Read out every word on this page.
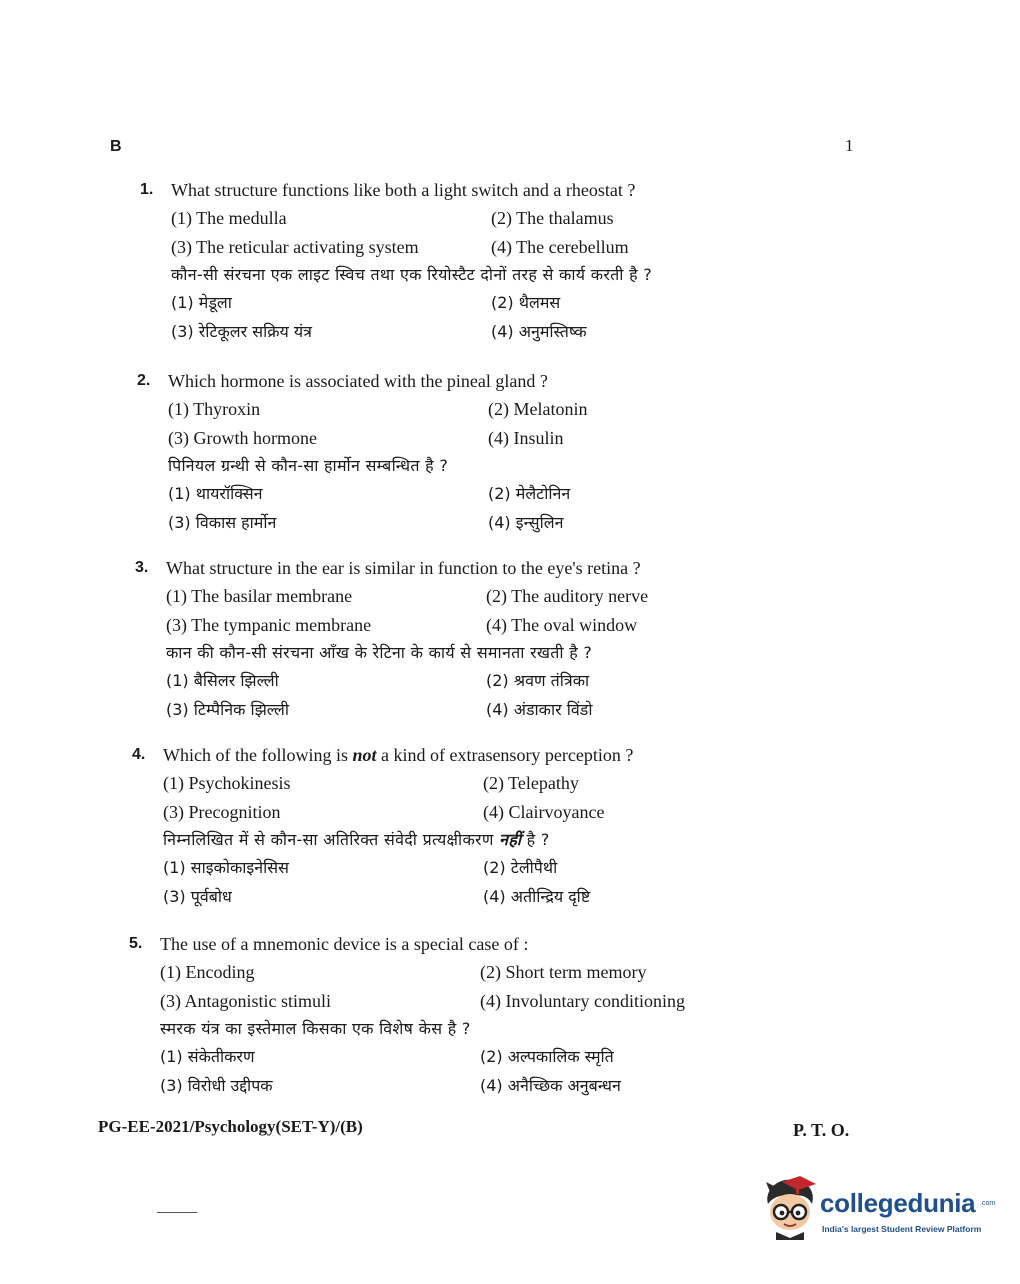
B	1
1. What structure functions like both a light switch and a rheostat ?
(1) The medulla	(2) The thalamus
(3) The reticular activating system	(4) The cerebellum
कौन-सी संरचना एक लाइट स्विच तथा एक रियोस्टैट दोनों तरह से कार्य करती है ?
(1) मेडूला	(2) थैलमस
(3) रेटिकूलर सक्रिय यंत्र	(4) अनुमस्तिष्क
2. Which hormone is associated with the pineal gland ?
(1) Thyroxin	(2) Melatonin
(3) Growth hormone	(4) Insulin
पिनियल ग्रन्थी से कौन-सा हार्मोन सम्बन्धित है ?
(1) थायरॉक्सिन	(2) मेलैटोनिन
(3) विकास हार्मोन	(4) इन्सुलिन
3. What structure in the ear is similar in function to the eye's retina ?
(1) The basilar membrane	(2) The auditory nerve
(3) The tympanic membrane	(4) The oval window
कान की कौन-सी संरचना आँख के रेटिना के कार्य से समानता रखती है ?
(1) बैसिलर झिल्ली	(2) श्रवण तंत्रिका
(3) टिम्पैनिक झिल्ली	(4) अंडाकार विंडो
4. Which of the following is not a kind of extrasensory perception ?
(1) Psychokinesis	(2) Telepathy
(3) Precognition	(4) Clairvoyance
निम्नलिखित में से कौन-सा अतिरिक्त संवेदी प्रत्यक्षीकरण नहीं है ?
(1) साइकोकाइनेसिस	(2) टेलीपैथी
(3) पूर्वबोध	(4) अतीन्द्रिय दृष्टि
5. The use of a mnemonic device is a special case of :
(1) Encoding	(2) Short term memory
(3) Antagonistic stimuli	(4) Involuntary conditioning
स्मरक यंत्र का इस्तेमाल किसका एक विशेष केस है ?
(1) संकेतीकरण	(2) अल्पकालिक स्मृति
(3) विरोधी उद्दीपक	(4) अनैच्छिक अनुबन्धन
PG-EE-2021/Psychology(SET-Y)/(B)	P. T. O.
collegedunia .com
India's largest Student Review Platform
